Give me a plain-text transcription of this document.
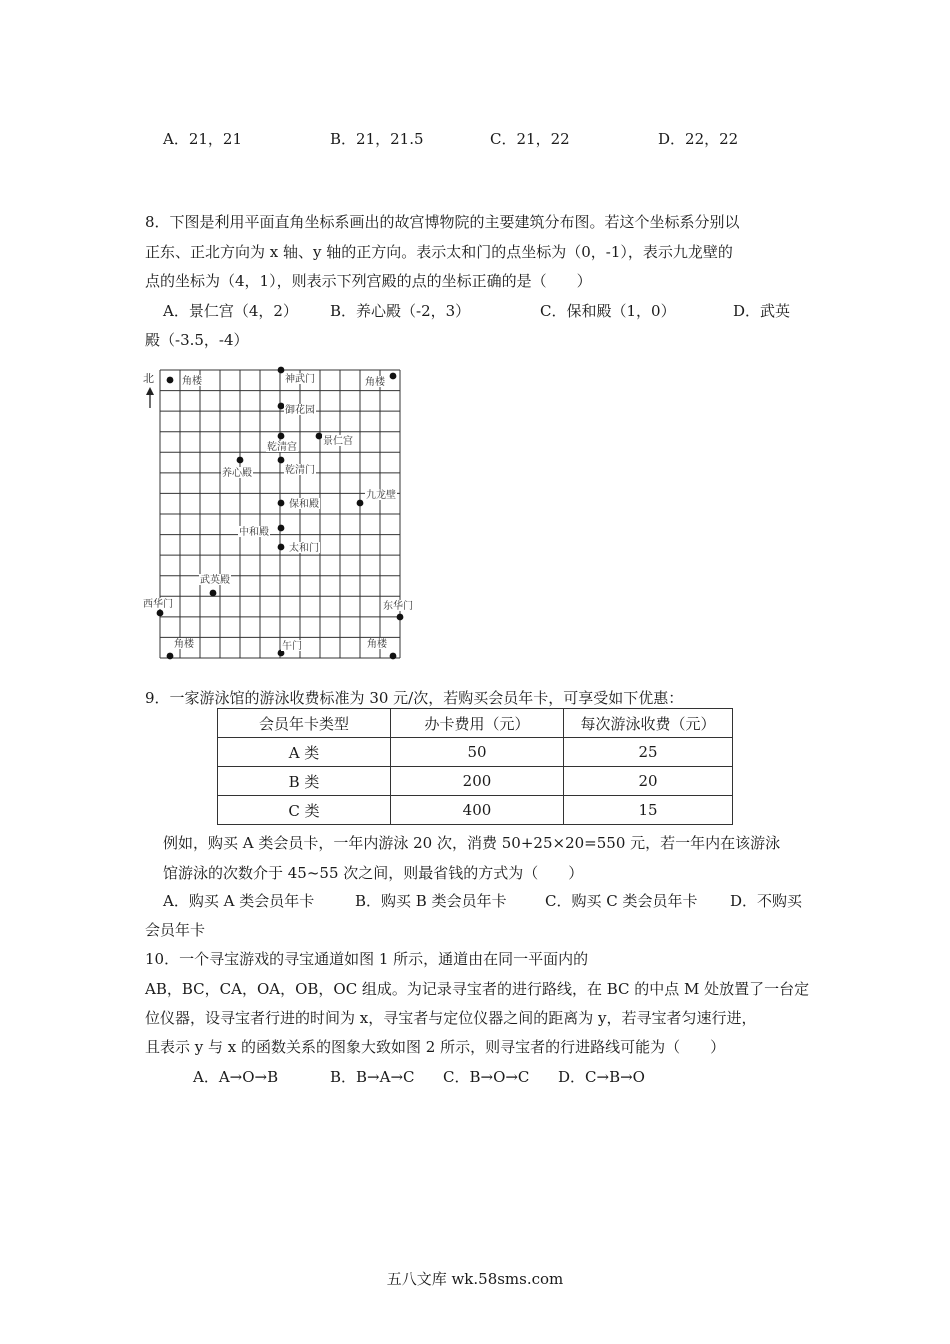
A．21，21	B．21，21.5	C．21，22	D．22，22
8．下图是利用平面直角坐标系画出的故宫博物院的主要建筑分布图。若这个坐标系分别以
正东、正北方向为 x 轴、y 轴的正方向。表示太和门的点坐标为（0，-1），表示九龙壁的
点的坐标为（4，1），则表示下列宫殿的点的坐标正确的是（　　）
A．景仁宫（4，2） B．养心殿（-2，3）	C．保和殿（1，0）	D．武英
殿（-3.5，-4）
角楼	神武门	角楼
御花园
乾清宫
景仁宫
养心殿	乾清门
保和殿
九龙壁
中和殿
太和门
武英殿
西华门	东华门
角楼	午门	角楼
北
9．一家游泳馆的游泳收费标准为 30 元/次，若购买会员年卡，可享受如下优惠：
会员年卡类型	办卡费用（元）	每次游泳收费（元）
A 类	50	25
B 类	200	20
C 类	400	15
例如，购买 A 类会员卡，一年内游泳 20 次，消费 50+25×20=550 元，若一年内在该游泳
馆游泳的次数介于 45~55 次之间，则最省钱的方式为（　　）
A．购买 A 类会员年卡	B．购买 B 类会员年卡	C．购买 C 类会员年卡 D．不购买
会员年卡
10．一个寻宝游戏的寻宝通道如图 1 所示，通道由在同一平面内的
AB，BC，CA，OA，OB，OC 组成。为记录寻宝者的进行路线，在 BC 的中点 M 处放置了一台定
位仪器，设寻宝者行进的时间为 x，寻宝者与定位仪器之间的距离为 y，若寻宝者匀速行进，
且表示 y 与 x 的函数关系的图象大致如图 2 所示，则寻宝者的行进路线可能为（　　）
A．A→O→B	B．B→A→C C．B→O→C D．C→B→O
五八文库 wk.58sms.com
